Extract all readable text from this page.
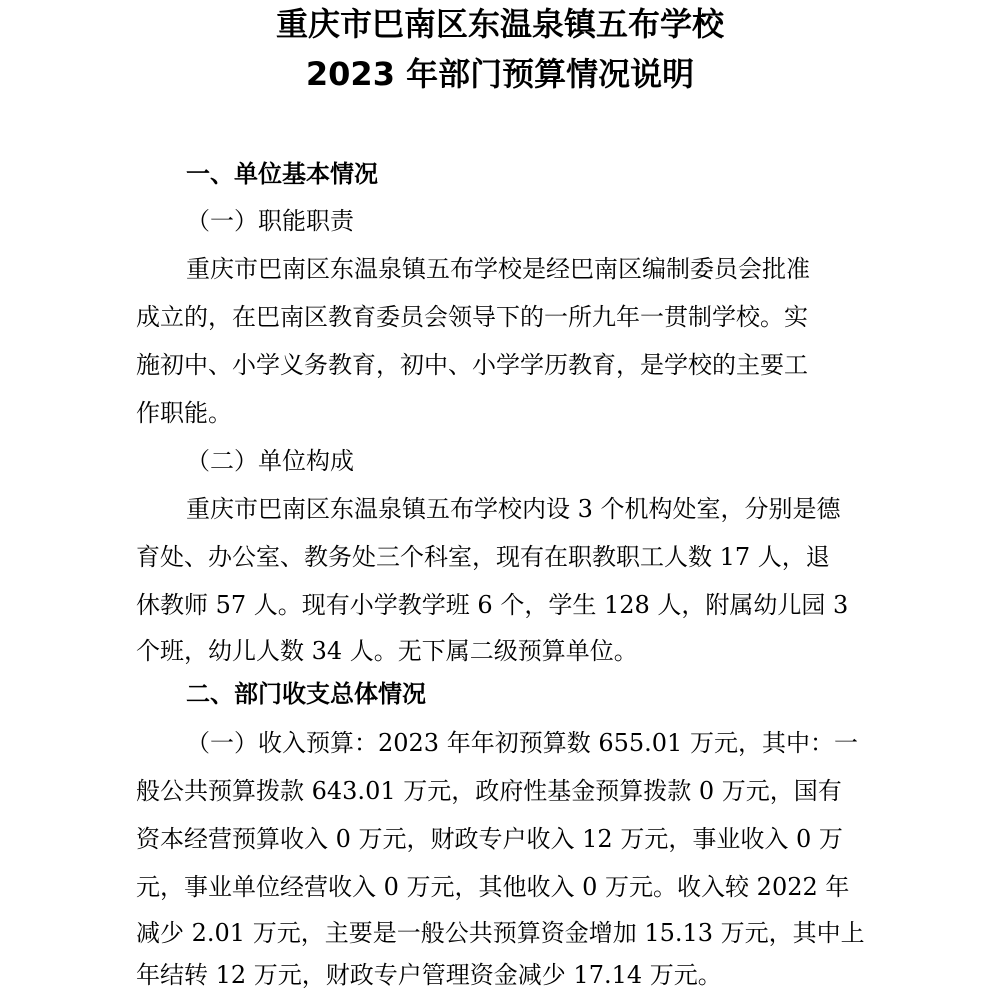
重庆市巴南区东温泉镇五布学校
2023 年部门预算情况说明

一、单位基本情况

（一）职能职责

重庆市巴南区东温泉镇五布学校是经巴南区编制委员会批准

成立的，在巴南区教育委员会领导下的一所九年一贯制学校。实

施初中、小学义务教育，初中、小学学历教育，是学校的主要工

作职能。

（二）单位构成

重庆市巴南区东温泉镇五布学校内设 3 个机构处室，分别是德

育处、办公室、教务处三个科室，现有在职教职工人数 17 人，退

休教师 57 人。现有小学教学班 6 个，学生 128 人，附属幼儿园 3

个班，幼儿人数 34 人。无下属二级预算单位。

二、部门收支总体情况

（一）收入预算：2023 年年初预算数 655.01 万元，其中：一

般公共预算拨款 643.01 万元，政府性基金预算拨款 0 万元，国有

资本经营预算收入 0 万元，财政专户收入 12 万元，事业收入 0 万

元，事业单位经营收入 0 万元，其他收入 0 万元。收入较 2022 年

减少 2.01 万元，主要是一般公共预算资金增加 15.13 万元，其中上

年结转 12 万元，财政专户管理资金减少 17.14 万元。
